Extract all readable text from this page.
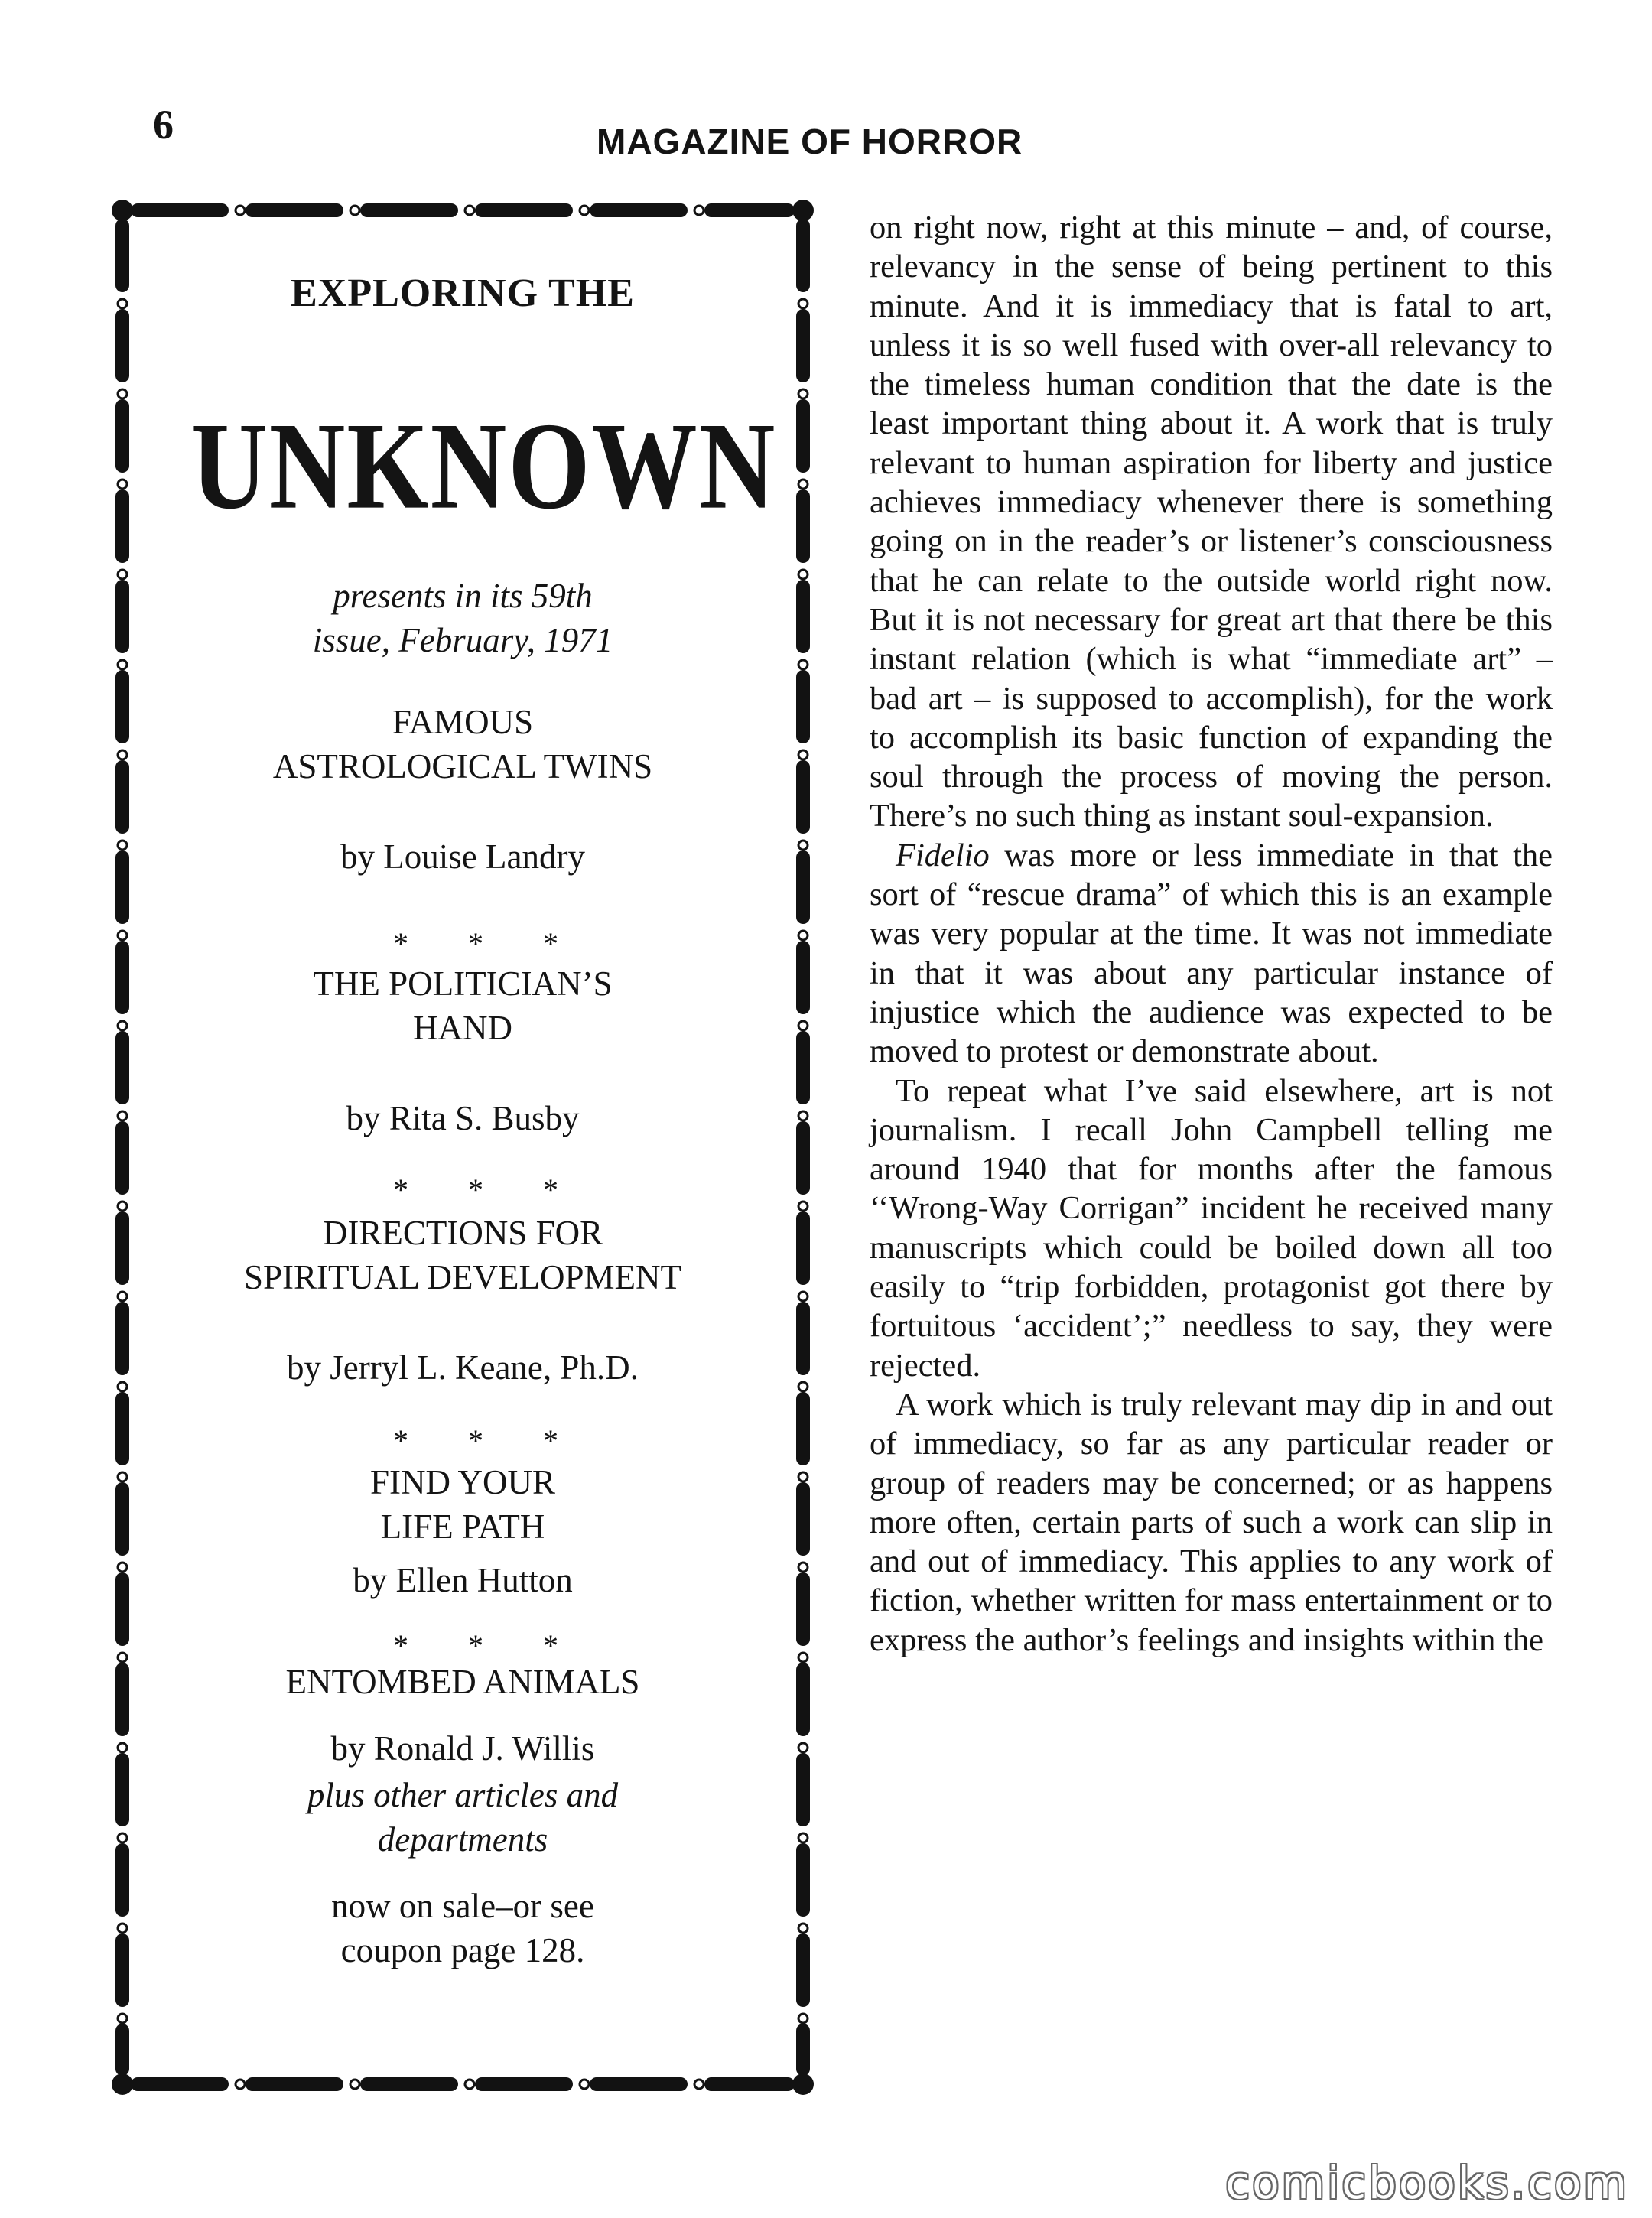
6	MAGAZINE OF HORROR
EXPLORING THE
UNKNOWN
presents in its 59th
issue, February, 1971
FAMOUS
ASTROLOGICAL TWINS
by Louise Landry
* * *
THE POLITICIAN’S
HAND
by Rita S. Busby
* * *
DIRECTIONS FOR
SPIRITUAL DEVELOPMENT
by Jerryl L. Keane, Ph.D.
* * *
FIND YOUR
LIFE PATH
by Ellen Hutton
* * *
ENTOMBED ANIMALS
by Ronald J. Willis
plus other articles and
departments
now on sale–or see
coupon page 128.

on right now, right at this minute – and, of course, relevancy in the sense of being pertinent to this minute. And it is immediacy that is fatal to art, unless it is so well fused with over-all relevancy to the timeless human condition that the date is the least important thing about it. A work that is truly relevant to human aspiration for liberty and justice achieves immediacy whenever there is something going on in the reader’s or listener’s consciousness that he can relate to the outside world right now. But it is not necessary for great art that there be this instant relation (which is what “immediate art” – bad art – is supposed to accomplish), for the work to accomplish its basic function of expanding the soul through the process of moving the person. There’s no such thing as instant soul-expansion.

Fidelio was more or less immediate in that the sort of “rescue drama” of which this is an example was very popular at the time. It was not immediate in that it was about any particular instance of injustice which the audience was expected to be moved to protest or demonstrate about.

To repeat what I’ve said elsewhere, art is not journalism. I recall John Campbell telling me around 1940 that for months after the famous ‘‘Wrong-Way Corrigan” incident he received many manuscripts which could be boiled down all too easily to “trip forbidden, protagonist got there by fortuitous ‘accident’;” needless to say, they were rejected.

A work which is truly relevant may dip in and out of immediacy, so far as any particular reader or group of readers may be concerned; or as happens more often, certain parts of such a work can slip in and out of immediacy. This applies to any work of fiction, whether written for mass entertainment or to express the author’s feelings and insights within the

comicbooks.com
